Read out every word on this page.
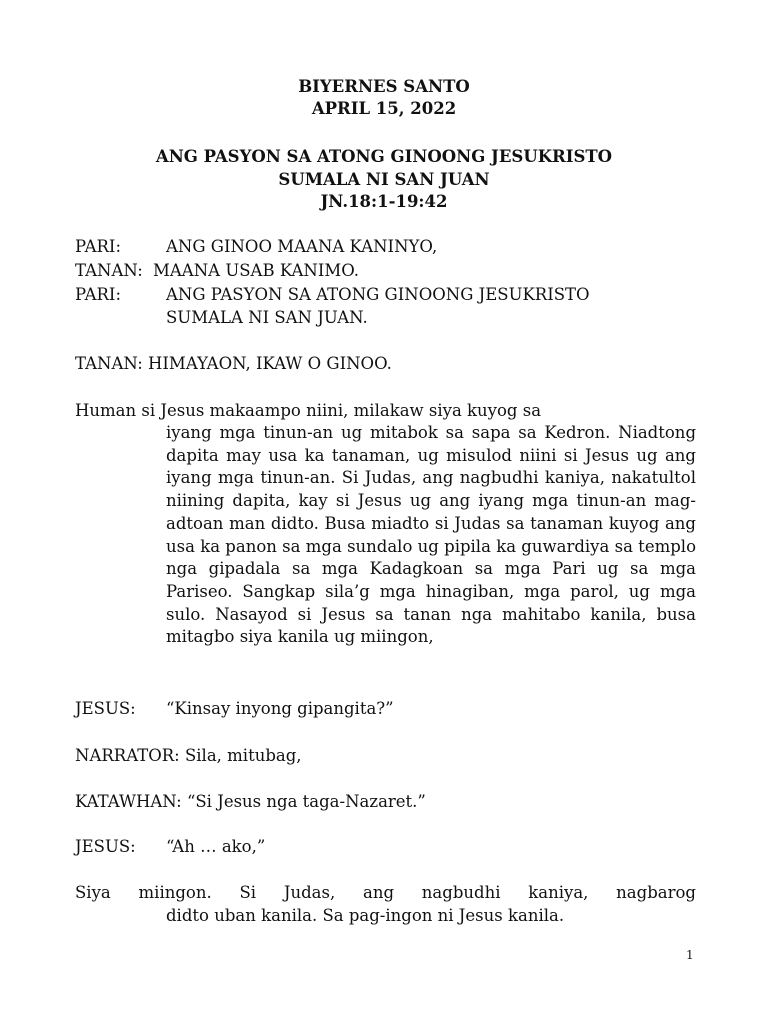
BIYERNES SANTO
APRIL 15, 2022
ANG PASYON SA ATONG GINOONG JESUKRISTO
SUMALA NI SAN JUAN
JN.18:1-19:42
PARI:	ANG GINOO MAANA KANINYO,
TANAN: MAANA USAB KANIMO.
PARI:	ANG PASYON SA ATONG GINOONG JESUKRISTO
SUMALA NI SAN JUAN.
TANAN: HIMAYAON, IKAW O GINOO.
Human si Jesus makaampo niini, milakaw siya kuyog sa
iyang mga tinun-an ug mitabok sa sapa sa Kedron. Niadtong dapita may usa ka tanaman, ug misulod niini si Jesus ug ang iyang mga tinun-an. Si Judas, ang nagbudhi kaniya, nakatultol niining dapita, kay si Jesus ug ang iyang mga tinun-an mag-adtoan man didto. Busa miadto si Judas sa tanaman kuyog ang usa ka panon sa mga sundalo ug pipila ka guwardiya sa templo nga gipadala sa mga Kadagkoan sa mga Pari ug sa mga Pariseo. Sangkap sila’g mga hinagiban, mga parol, ug mga sulo. Nasayod si Jesus sa tanan nga mahitabo kanila, busa mitagbo siya kanila ug miingon,
JESUS: “Kinsay inyong gipangita?”
NARRATOR: Sila, mitubag,
KATAWHAN: “Si Jesus nga taga-Nazaret.”
JESUS: “Ah … ako,”
Siya miingon. Si Judas, ang nagbudhi kaniya, nagbarog
didto uban kanila. Sa pag-ingon ni Jesus kanila.
1
